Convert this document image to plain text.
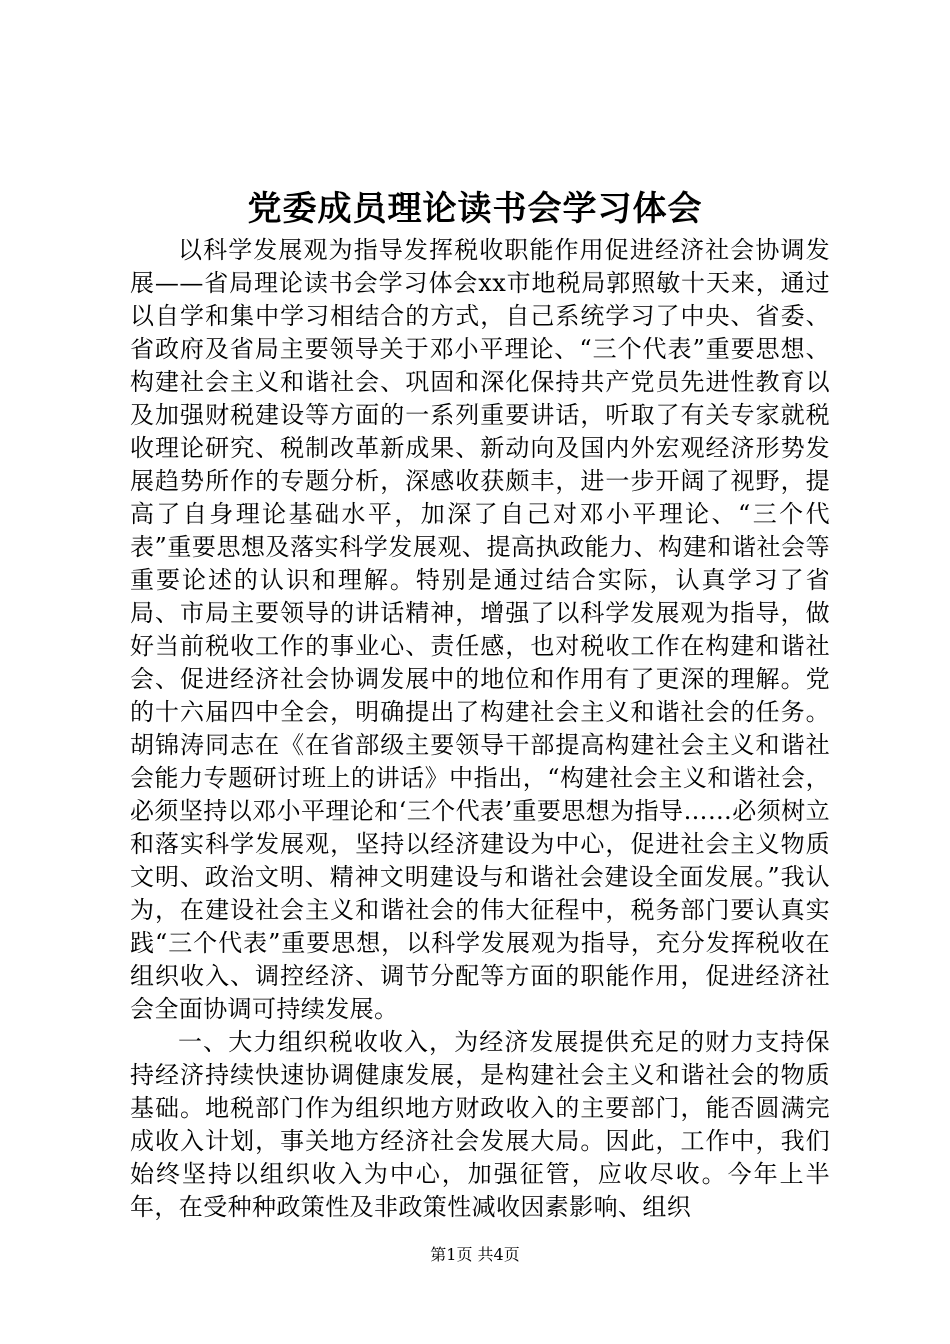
党委成员理论读书会学习体会

以科学发展观为指导发挥税收职能作用促进经济社会协调发展——省局理论读书会学习体会xx市地税局郭照敏十天来，通过以自学和集中学习相结合的方式，自己系统学习了中央、省委、省政府及省局主要领导关于邓小平理论、“三个代表”重要思想、构建社会主义和谐社会、巩固和深化保持共产党员先进性教育以及加强财税建设等方面的一系列重要讲话，听取了有关专家就税收理论研究、税制改革新成果、新动向及国内外宏观经济形势发展趋势所作的专题分析，深感收获颇丰，进一步开阔了视野，提高了自身理论基础水平，加深了自己对邓小平理论、“三个代表”重要思想及落实科学发展观、提高执政能力、构建和谐社会等重要论述的认识和理解。特别是通过结合实际，认真学习了省局、市局主要领导的讲话精神，增强了以科学发展观为指导，做好当前税收工作的事业心、责任感，也对税收工作在构建和谐社会、促进经济社会协调发展中的地位和作用有了更深的理解。党的十六届四中全会，明确提出了构建社会主义和谐社会的任务。胡锦涛同志在《在省部级主要领导干部提高构建社会主义和谐社会能力专题研讨班上的讲话》中指出，“构建社会主义和谐社会，必须坚持以邓小平理论和‘三个代表’重要思想为指导……必须树立和落实科学发展观，坚持以经济建设为中心，促进社会主义物质文明、政治文明、精神文明建设与和谐社会建设全面发展。”我认为，在建设社会主义和谐社会的伟大征程中，税务部门要认真实践“三个代表”重要思想，以科学发展观为指导，充分发挥税收在组织收入、调控经济、调节分配等方面的职能作用，促进经济社会全面协调可持续发展。

一、大力组织税收收入，为经济发展提供充足的财力支持保持经济持续快速协调健康发展，是构建社会主义和谐社会的物质基础。地税部门作为组织地方财政收入的主要部门，能否圆满完成收入计划，事关地方经济社会发展大局。因此，工作中，我们始终坚持以组织收入为中心，加强征管，应收尽收。今年上半年，在受种种政策性及非政策性减收因素影响、组织

第1页 共4页
